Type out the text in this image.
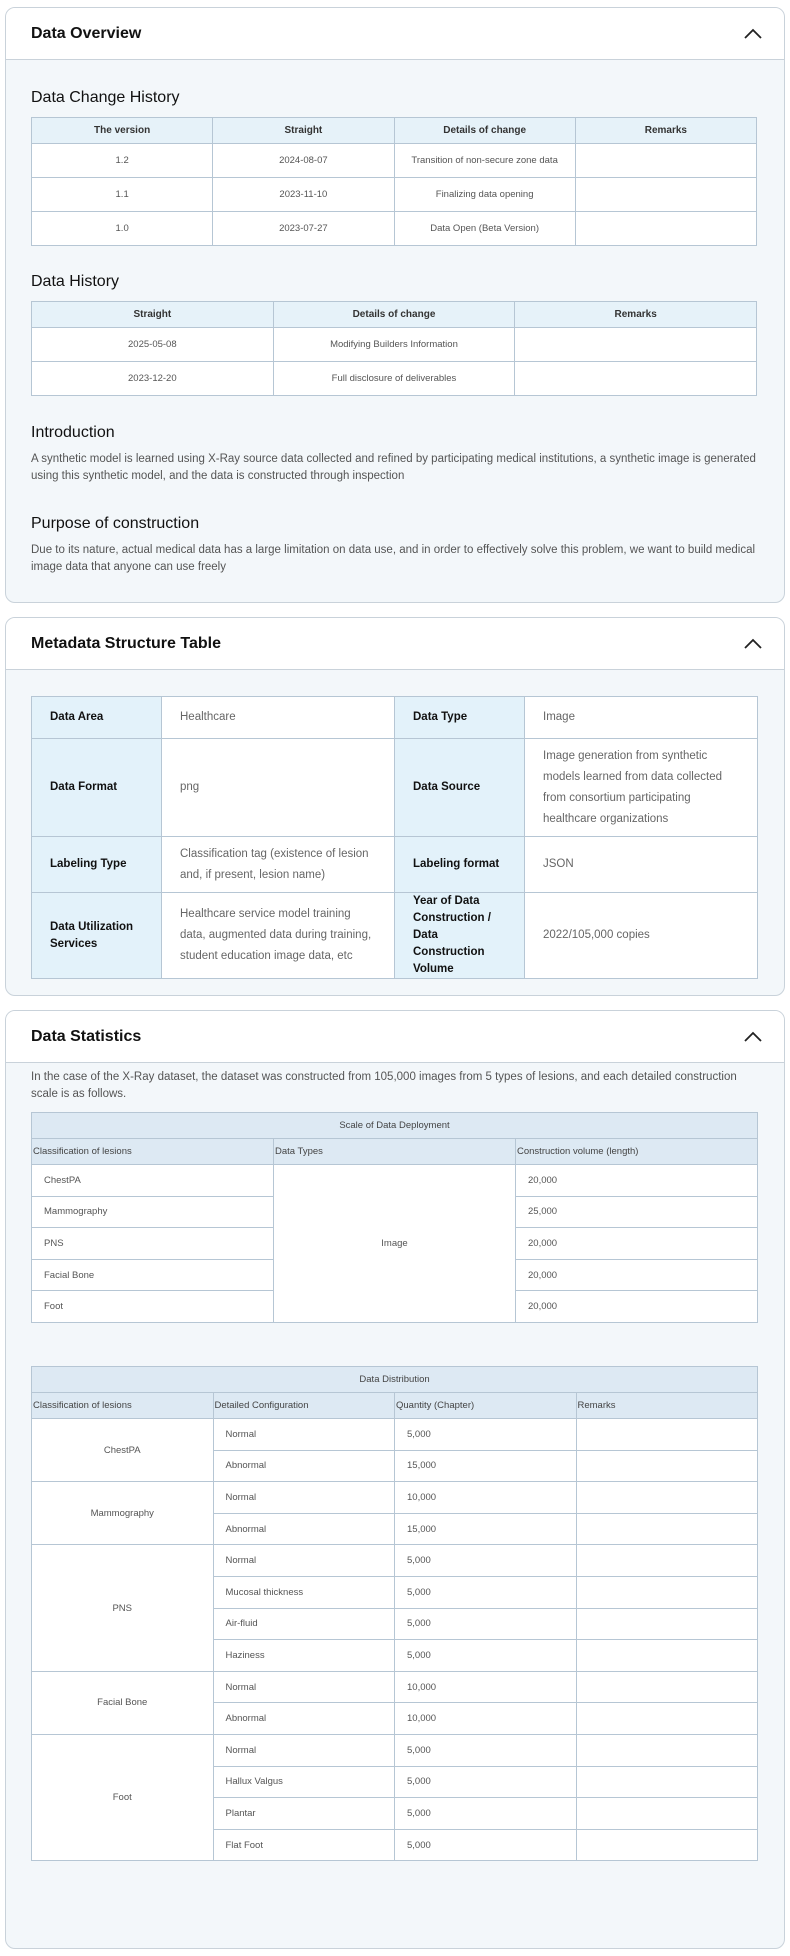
Data Overview
Data Change History
The version	Straight	Details of change	Remarks
1.2	2024-08-07	Transition of non-secure zone data	
1.1	2023-11-10	Finalizing data opening	
1.0	2023-07-27	Data Open (Beta Version)	
Data History
Straight	Details of change	Remarks
2025-05-08	Modifying Builders Information	
2023-12-20	Full disclosure of deliverables	
Introduction
A synthetic model is learned using X-Ray source data collected and refined by participating medical institutions, a synthetic image is generated using this synthetic model, and the data is constructed through inspection
Purpose of construction
Due to its nature, actual medical data has a large limitation on data use, and in order to effectively solve this problem, we want to build medical image data that anyone can use freely
Metadata Structure Table
Data Area	Healthcare	Data Type	Image
Data Format	png	Data Source	Image generation from synthetic models learned from data collected from consortium participating healthcare organizations
Labeling Type	Classification tag (existence of lesion and, if present, lesion name)	Labeling format	JSON
Data Utilization Services	Healthcare service model training data, augmented data during training, student education image data, etc	Year of Data Construction / Data Construction Volume	2022/105,000 copies
Data Statistics
In the case of the X-Ray dataset, the dataset was constructed from 105,000 images from 5 types of lesions, and each detailed construction scale is as follows.
Scale of Data Deployment		
Classification of lesions	Data Types	Construction volume (length)
ChestPA	Image	20,000
Mammography		25,000
PNS		20,000
Facial Bone		20,000
Foot		20,000
Data Distribution			
Classification of lesions	Detailed Configuration	Quantity (Chapter)	Remarks
ChestPA	Normal	5,000	
	Abnormal	15,000	
Mammography	Normal	10,000	
	Abnormal	15,000	
PNS	Normal	5,000	
	Mucosal thickness	5,000	
	Air-fluid	5,000	
	Haziness	5,000	
Facial Bone	Normal	10,000	
	Abnormal	10,000	
Foot	Normal	5,000	
	Hallux Valgus	5,000	
	Plantar	5,000	
	Flat Foot	5,000	
